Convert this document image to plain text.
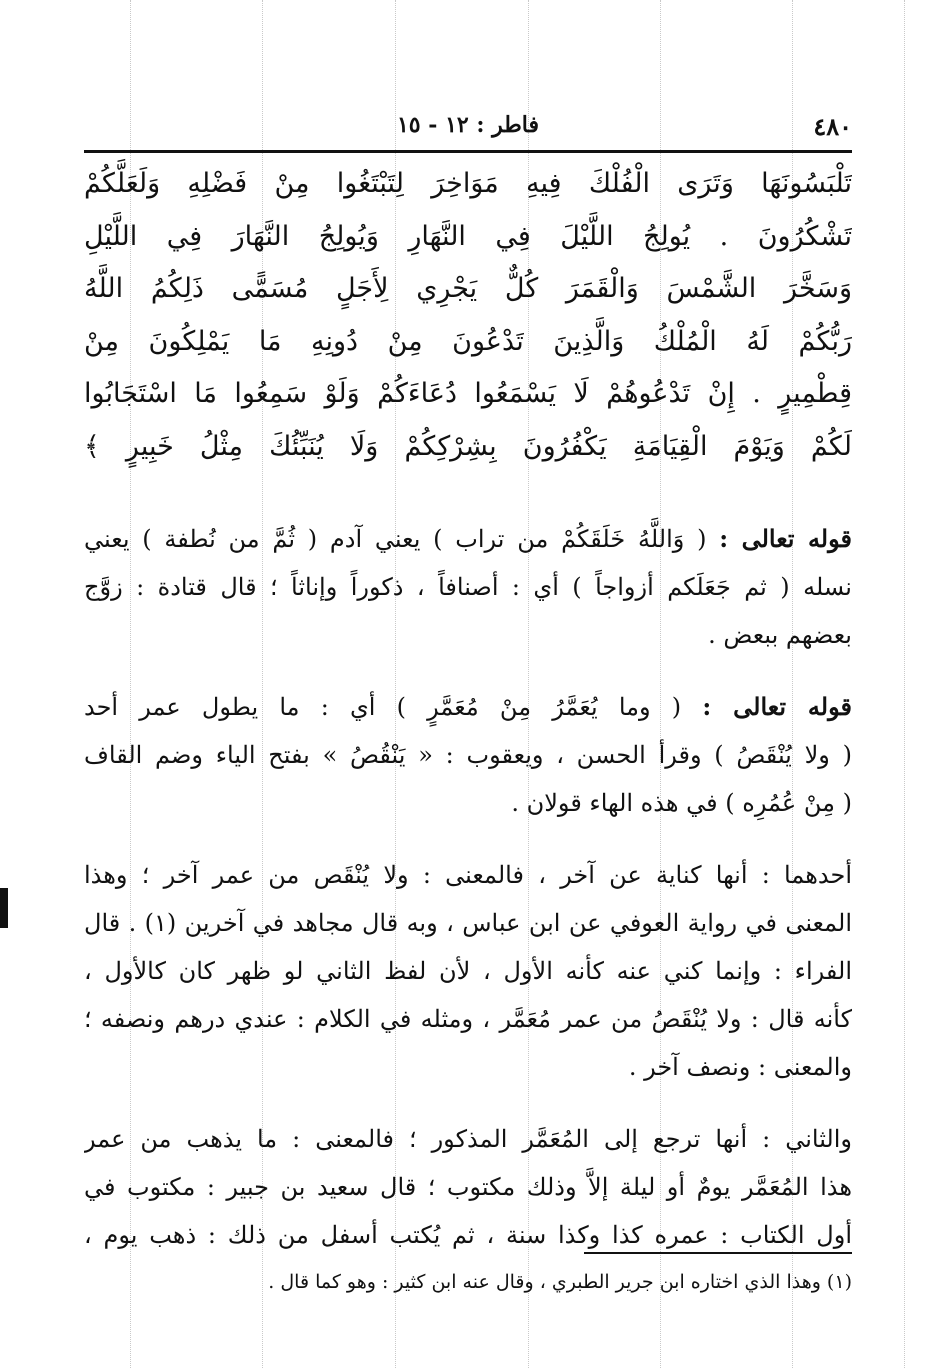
٤٨٠
فاطر : ١٢ - ١٥
تَلْبَسُونَهَا وَتَرَى الْفُلْكَ فِيهِ مَوَاخِرَ لِتَبْتَغُوا مِنْ فَضْلِهِ وَلَعَلَّكُمْ
تَشْكُرُونَ . يُولِجُ اللَّيْلَ فِي النَّهَارِ وَيُولِجُ النَّهَارَ فِي اللَّيْلِ
وَسَخَّرَ الشَّمْسَ وَالْقَمَرَ كُلٌّ يَجْرِي لِأَجَلٍ مُسَمًّى ذَلِكُمُ اللَّهُ
رَبُّكُمْ لَهُ الْمُلْكُ وَالَّذِينَ تَدْعُونَ مِنْ دُونِهِ مَا يَمْلِكُونَ مِنْ
قِطْمِيرٍ . إِنْ تَدْعُوهُمْ لَا يَسْمَعُوا دُعَاءَكُمْ وَلَوْ سَمِعُوا مَا اسْتَجَابُوا
لَكُمْ وَيَوْمَ الْقِيَامَةِ يَكْفُرُونَ بِشِرْكِكُمْ وَلَا يُنَبِّئُكَ مِثْلُ خَبِيرٍ ﴾
قوله تعالى : ( وَاللَّهُ خَلَقَكُمْ من تراب ) يعني آدم ( ثُمَّ من نُطفة ) يعني
نسله ( ثم جَعَلَكم أزواجاً ) أي : أصنافاً ، ذكوراً وإناثاً ؛ قال قتادة : زوَّج
بعضهم ببعض .
قوله تعالى : ( وما يُعَمَّرُ مِنْ مُعَمَّرٍ ) أي : ما يطول عمر أحد
( ولا يُنْقَصُ ) وقرأ الحسن ، ويعقوب : « يَنْقُصُ » بفتح الياء وضم القاف
( مِنْ عُمُرِه ) في هذه الهاء قولان .
أحدهما : أنها كناية عن آخر ، فالمعنى : ولا يُنْقَص من عمر آخر ؛ وهذا
المعنى في رواية العوفي عن ابن عباس ، وبه قال مجاهد في آخرين (١) . قال
الفراء : وإنما كني عنه كأنه الأول ، لأن لفظ الثاني لو ظهر كان كالأول ،
كأنه قال : ولا يُنْقَصُ من عمر مُعَمَّر ، ومثله في الكلام : عندي درهم ونصفه ؛
والمعنى : ونصف آخر .
والثاني : أنها ترجع إلى المُعَمَّر المذكور ؛ فالمعنى : ما يذهب من عمر
هذا المُعَمَّر يومٌ أو ليلة إلاَّ وذلك مكتوب ؛ قال سعيد بن جبير : مكتوب في
أول الكتاب : عمره كذا وكذا سنة ، ثم يُكتب أسفل من ذلك : ذهب يوم ،
(١) وهذا الذي اختاره ابن جرير الطبري ، وقال عنه ابن كثير : وهو كما قال .
